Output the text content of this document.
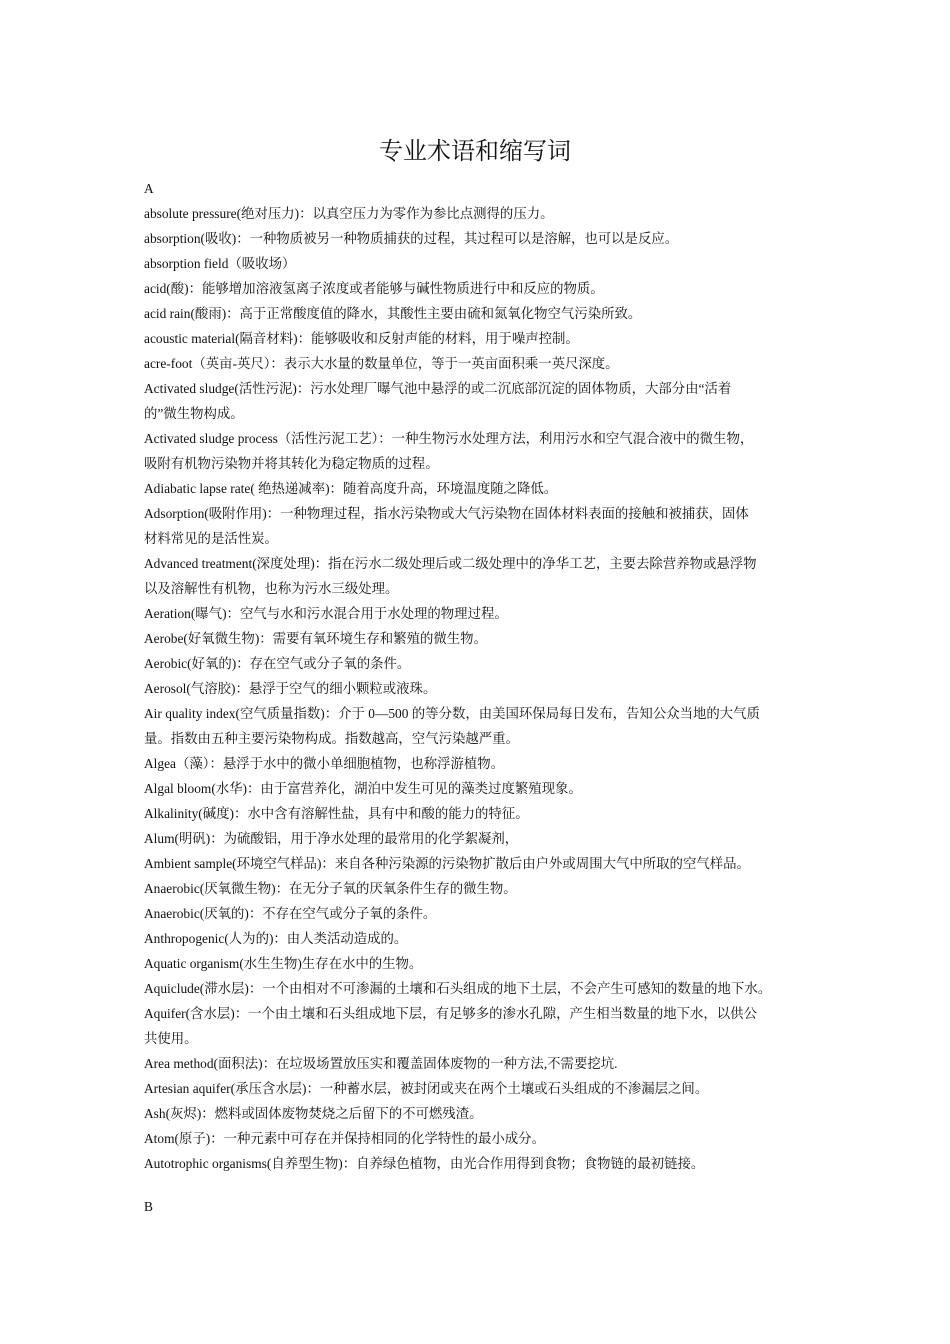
专业术语和缩写词
A
absolute pressure(绝对压力)：以真空压力为零作为参比点测得的压力。
absorption(吸收)：一种物质被另一种物质捕获的过程，其过程可以是溶解，也可以是反应。
absorption field（吸收场）
acid(酸)：能够增加溶液氢离子浓度或者能够与碱性物质进行中和反应的物质。
acid rain(酸雨)：高于正常酸度值的降水，其酸性主要由硫和氮氧化物空气污染所致。
acoustic material(隔音材料)：能够吸收和反射声能的材料，用于噪声控制。
acre-foot（英亩-英尺）：表示大水量的数量单位，等于一英亩面积乘一英尺深度。
Activated sludge(活性污泥)：污水处理厂曝气池中悬浮的或二沉底部沉淀的固体物质，大部分由“活着
的”微生物构成。
Activated sludge process（活性污泥工艺）：一种生物污水处理方法，利用污水和空气混合液中的微生物，
吸附有机物污染物并将其转化为稳定物质的过程。
Adiabatic lapse rate( 绝热递减率)：随着高度升高，环境温度随之降低。
Adsorption(吸附作用)：一种物理过程，指水污染物或大气污染物在固体材料表面的接触和被捕获，固体
材料常见的是活性炭。
Advanced treatment(深度处理)：指在污水二级处理后或二级处理中的净华工艺，主要去除营养物或悬浮物
以及溶解性有机物，也称为污水三级处理。
Aeration(曝气)：空气与水和污水混合用于水处理的物理过程。
Aerobe(好氧微生物)：需要有氧环境生存和繁殖的微生物。
Aerobic(好氧的)：存在空气或分子氧的条件。
Aerosol(气溶胶)：悬浮于空气的细小颗粒或液珠。
Air quality index(空气质量指数)：介于 0—500 的等分数，由美国环保局每日发布，告知公众当地的大气质
量。指数由五种主要污染物构成。指数越高，空气污染越严重。
Algea（藻）：悬浮于水中的微小单细胞植物，也称浮游植物。
Algal bloom(水华)：由于富营养化，湖泊中发生可见的藻类过度繁殖现象。
Alkalinity(碱度)：水中含有溶解性盐，具有中和酸的能力的特征。
Alum(明矾)：为硫酸铝，用于净水处理的最常用的化学絮凝剂，
Ambient sample(环境空气样品)：来自各种污染源的污染物扩散后由户外或周围大气中所取的空气样品。
Anaerobic(厌氧微生物)：在无分子氧的厌氧条件生存的微生物。
Anaerobic(厌氧的)：不存在空气或分子氧的条件。
Anthropogenic(人为的)：由人类活动造成的。
Aquatic organism(水生生物)生存在水中的生物。
Aquiclude(滞水层)：一个由相对不可渗漏的土壤和石头组成的地下土层，不会产生可感知的数量的地下水。
Aquifer(含水层)：一个由土壤和石头组成地下层，有足够多的渗水孔隙，产生相当数量的地下水，以供公
共使用。
Area method(面积法)：在垃圾场置放压实和覆盖固体废物的一种方法,不需要挖坑.
Artesian aquifer(承压含水层)：一种蓄水层，被封闭或夹在两个土壤或石头组成的不渗漏层之间。
Ash(灰烬)：燃料或固体废物焚烧之后留下的不可燃残渣。
Atom(原子)：一种元素中可存在并保持相同的化学特性的最小成分。
Autotrophic organisms(自养型生物)：自养绿色植物，由光合作用得到食物；食物链的最初链接。
B
